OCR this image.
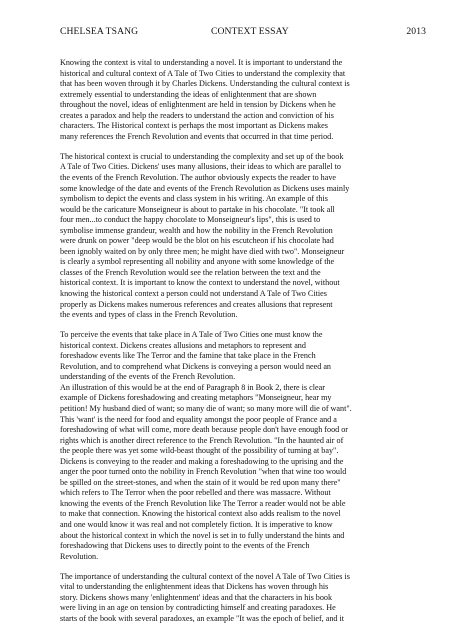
CHELSEA TSANG	CONTEXT ESSAY	2013
Knowing the context is vital to understanding a novel. It is important to understand the
historical and cultural context of A Tale of Two Cities to understand the complexity that
that has been woven through it by Charles Dickens. Understanding the cultural context is
extremely essential to understanding the ideas of enlightenment that are shown
throughout the novel, ideas of enlightenment are held in tension by Dickens when he
creates a paradox and help the readers to understand the action and conviction of his
characters. The Historical context is perhaps the most important as Dickens makes
many references the French Revolution and events that occurred in that time period.
The historical context is crucial to understanding the complexity and set up of the book
A Tale of Two Cities. Dickens' uses many allusions, their ideas to which are parallel to
the events of the French Revolution. The author obviously expects the reader to have
some knowledge of the date and events of the French Revolution as Dickens uses mainly
symbolism to depict the events and class system in his writing. An example of this
would be the caricature Monseigneur is about to partake in his chocolate. "It took all
four men...to conduct the happy chocolate to Monseigneur's lips", this is used to
symbolise immense grandeur, wealth and how the nobility in the French Revolution
were drunk on power "deep would be the blot on his escutcheon if his chocolate had
been ignobly waited on by only three men; he might have died with two". Monseigneur
is clearly a symbol representing all nobility and anyone with some knowledge of the
classes of the French Revolution would see the relation between the text and the
historical context. It is important to know the context to understand the novel, without
knowing the historical context a person could not understand A Tale of Two Cities
properly as Dickens makes numerous references and creates allusions that represent
the events and types of class in the French Revolution.
To perceive the events that take place in A Tale of Two Cities one must know the
historical context. Dickens creates allusions and metaphors to represent and
foreshadow events like The Terror and the famine that take place in the French
Revolution, and to comprehend what Dickens is conveying a person would need an
understanding of the events of the French Revolution.
An illustration of this would be at the end of Paragraph 8 in Book 2, there is clear
example of Dickens foreshadowing and creating metaphors "Monseigneur, hear my
petition! My husband died of want; so many die of want; so many more will die of want".
This 'want' is the need for food and equality amongst the poor people of France and a
foreshadowing of what will come, more death because people don't have enough food or
rights which is another direct reference to the French Revolution. "In the haunted air of
the people there was yet some wild-beast thought of the possibility of turning at bay".
Dickens is conveying to the reader and making a foreshadowing to the uprising and the
anger the poor turned onto the nobility in French Revolution "when that wine too would
be spilled on the street-stones, and when the stain of it would be red upon many there"
which refers to The Terror when the poor rebelled and there was massacre. Without
knowing the events of the French Revolution like The Terror a reader would not be able
to make that connection. Knowing the historical context also adds realism to the novel
and one would know it was real and not completely fiction. It is imperative to know
about the historical context in which the novel is set in to fully understand the hints and
foreshadowing that Dickens uses to directly point to the events of the French
Revolution.
The importance of understanding the cultural context of the novel A Tale of Two Cities is
vital to understanding the enlightenment ideas that Dickens has woven through his
story. Dickens shows many 'enlightenment' ideas and that the characters in his book
were living in an age on tension by contradicting himself and creating paradoxes. He
starts of the book with several paradoxes, an example "It was the epoch of belief, and it
